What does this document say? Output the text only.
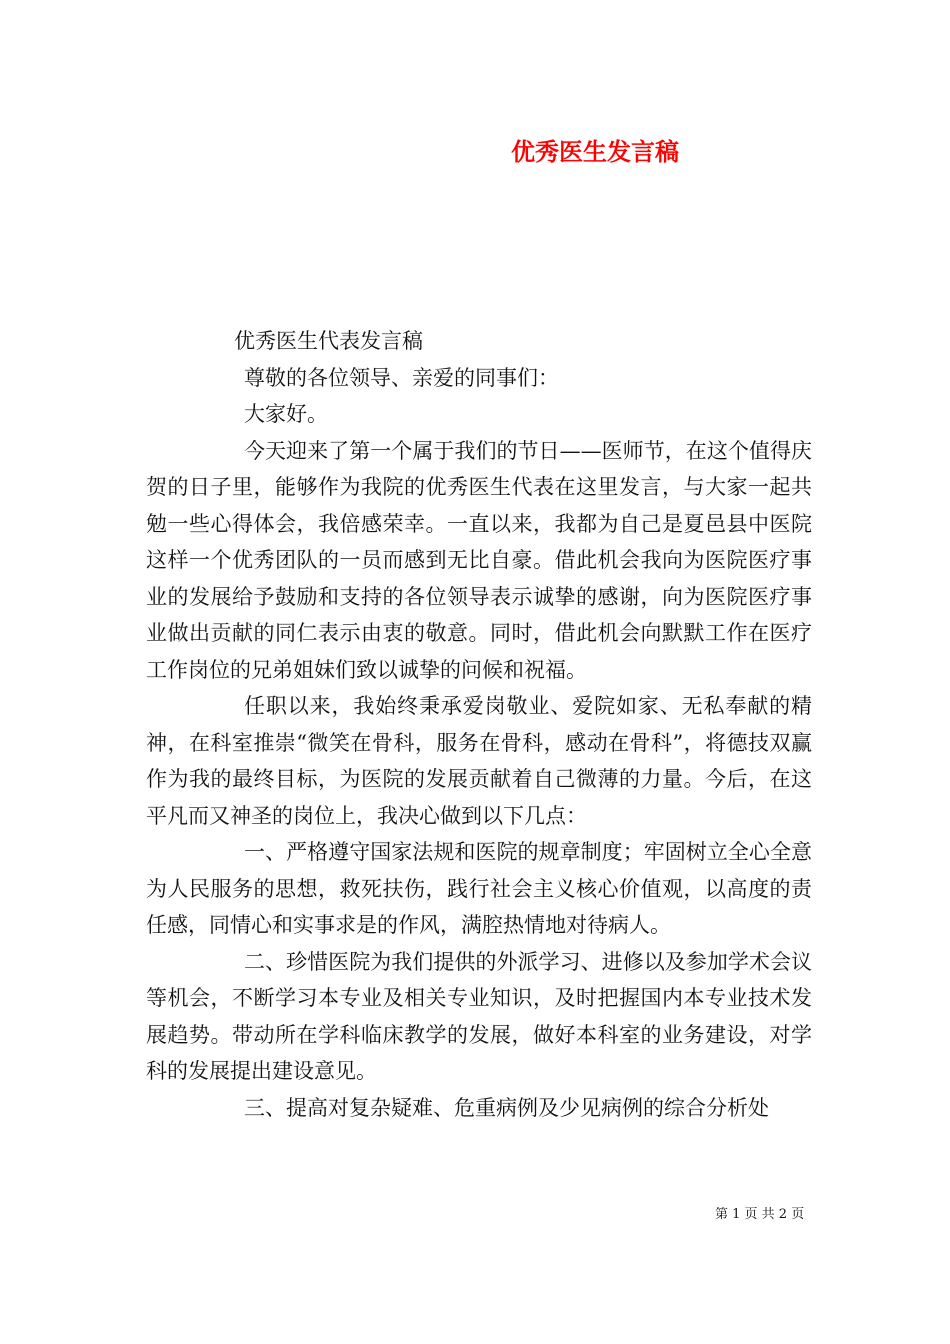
优秀医生发言稿

优秀医生代表发言稿

尊敬的各位领导、亲爱的同事们：

大家好。

今天迎来了第一个属于我们的节日——医师节，在这个值得庆贺的日子里，能够作为我院的优秀医生代表在这里发言，与大家一起共勉一些心得体会，我倍感荣幸。一直以来，我都为自己是夏邑县中医院这样一个优秀团队的一员而感到无比自豪。借此机会我向为医院医疗事业的发展给予鼓励和支持的各位领导表示诚挚的感谢，向为医院医疗事业做出贡献的同仁表示由衷的敬意。同时，借此机会向默默工作在医疗工作岗位的兄弟姐妹们致以诚挚的问候和祝福。

任职以来，我始终秉承爱岗敬业、爱院如家、无私奉献的精神，在科室推崇“微笑在骨科，服务在骨科，感动在骨科”，将德技双赢作为我的最终目标，为医院的发展贡献着自己微薄的力量。今后，在这平凡而又神圣的岗位上，我决心做到以下几点：

一、严格遵守国家法规和医院的规章制度；牢固树立全心全意为人民服务的思想，救死扶伤，践行社会主义核心价值观，以高度的责任感，同情心和实事求是的作风，满腔热情地对待病人。

二、珍惜医院为我们提供的外派学习、进修以及参加学术会议等机会，不断学习本专业及相关专业知识，及时把握国内本专业技术发展趋势。带动所在学科临床教学的发展，做好本科室的业务建设，对学科的发展提出建设意见。

三、提高对复杂疑难、危重病例及少见病例的综合分析处

第 1 页 共 2 页
